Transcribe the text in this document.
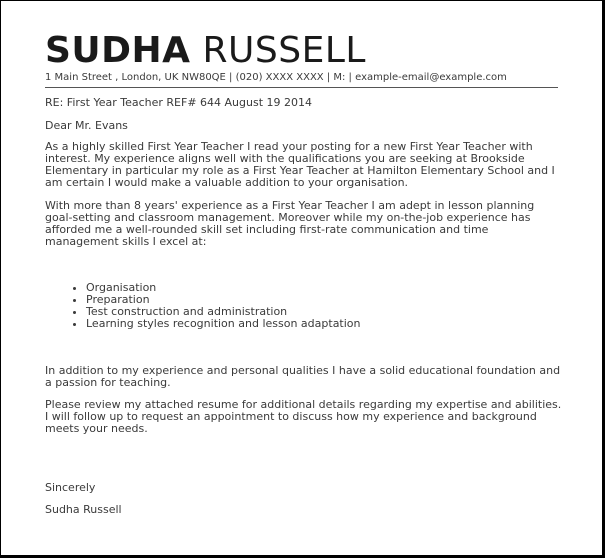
SUDHA RUSSELL
1 Main Street , London, UK NW80QE | (020) XXXX XXXX | M: | example-email@example.com
RE: First Year Teacher REF# 644 August 19 2014
Dear Mr. Evans

As a highly skilled First Year Teacher I read your posting for a new First Year Teacher with interest. My experience aligns well with the qualifications you are seeking at Brookside Elementary in particular my role as a First Year Teacher at Hamilton Elementary School and I am certain I would make a valuable addition to your organisation.

With more than 8 years' experience as a First Year Teacher I am adept in lesson planning goal-setting and classroom management. Moreover while my on-the-job experience has afforded me a well-rounded skill set including first-rate communication and time management skills I excel at:

• Organisation
• Preparation
• Test construction and administration
• Learning styles recognition and lesson adaptation

In addition to my experience and personal qualities I have a solid educational foundation and a passion for teaching.

Please review my attached resume for additional details regarding my expertise and abilities. I will follow up to request an appointment to discuss how my experience and background meets your needs.

Sincerely
Sudha Russell
